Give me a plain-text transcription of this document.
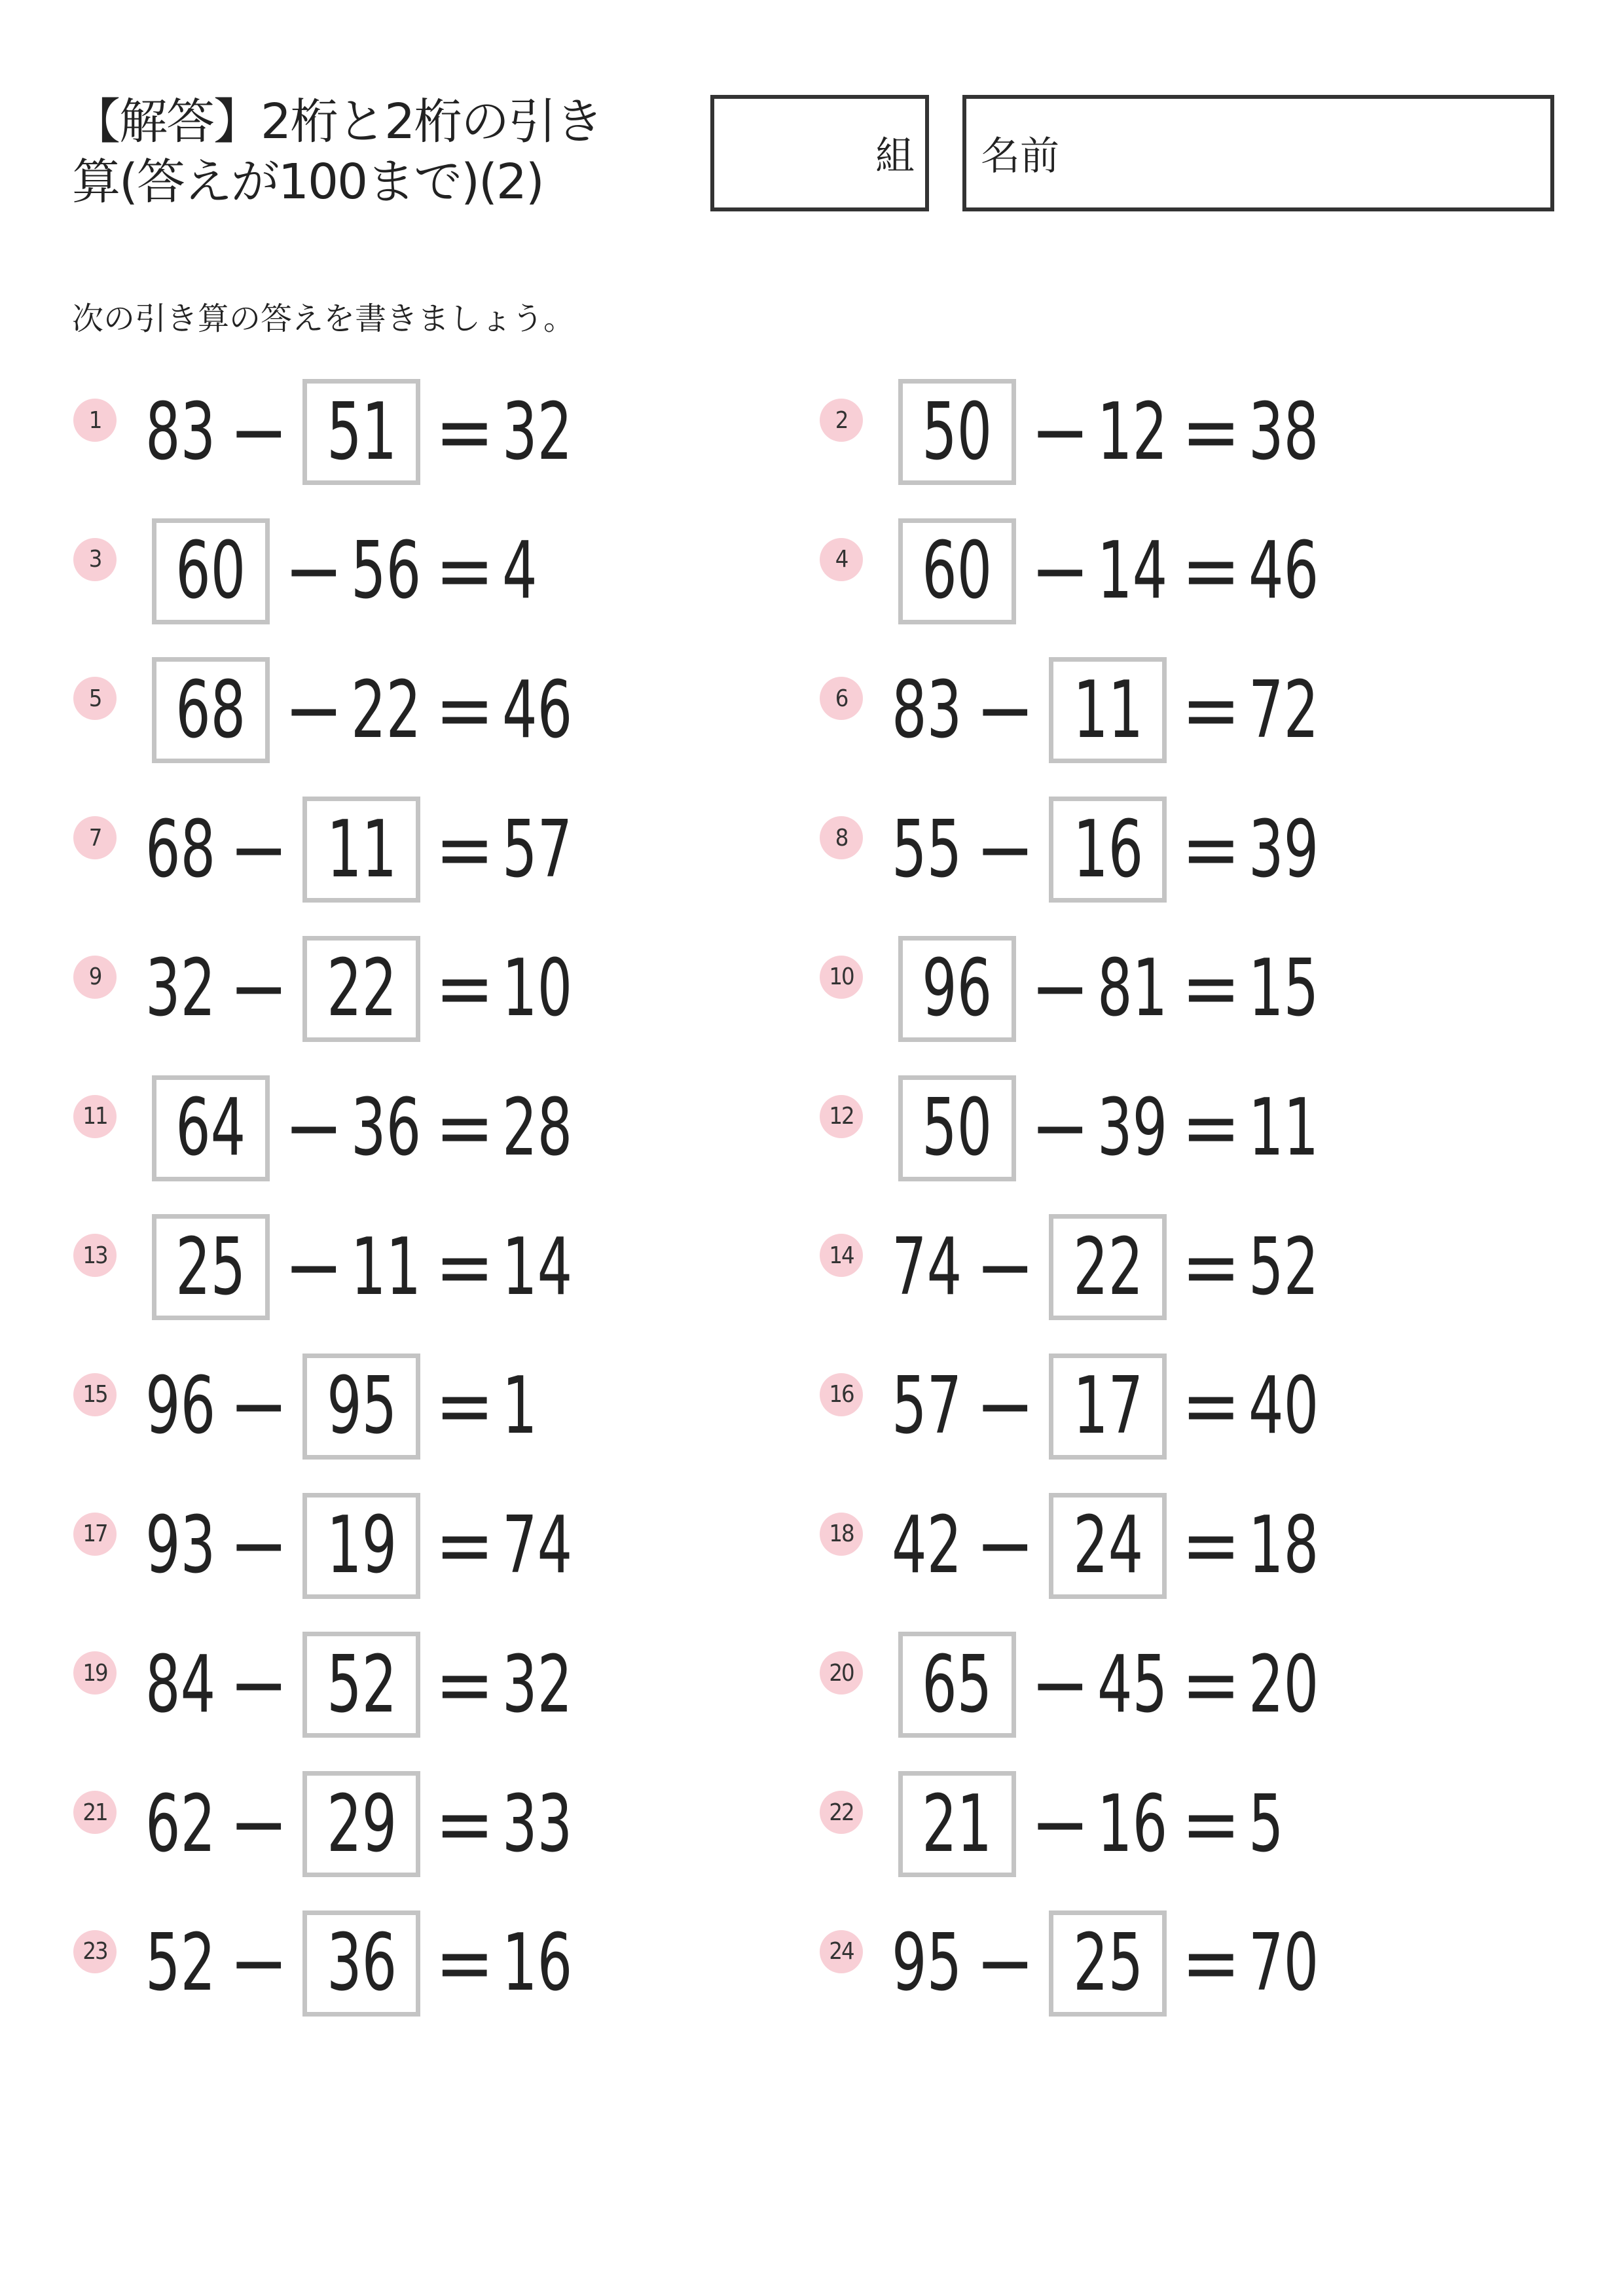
【解答】2桁と2桁の引き
算(答えが100まで)(2)	組 名前
次の引き算の答えを書きましょう。
1 83 − 51 = 32	2 50 − 12 = 38
3 60 − 56 = 4	4 60 − 14 = 46
5 68 − 22 = 46	6 83 − 11 = 72
7 68 − 11 = 57	8 55 − 16 = 39
9 32 − 22 = 10	10 96 − 81 = 15
11 64 − 36 = 28	12 50 − 39 = 11
13 25 − 11 = 14	14 74 − 22 = 52
15 96 − 95 = 1	16 57 − 17 = 40
17 93 − 19 = 74	18 42 − 24 = 18
19 84 − 52 = 32	20 65 − 45 = 20
21 62 − 29 = 33	22 21 − 16 = 5
23 52 − 36 = 16	24 95 − 25 = 70
